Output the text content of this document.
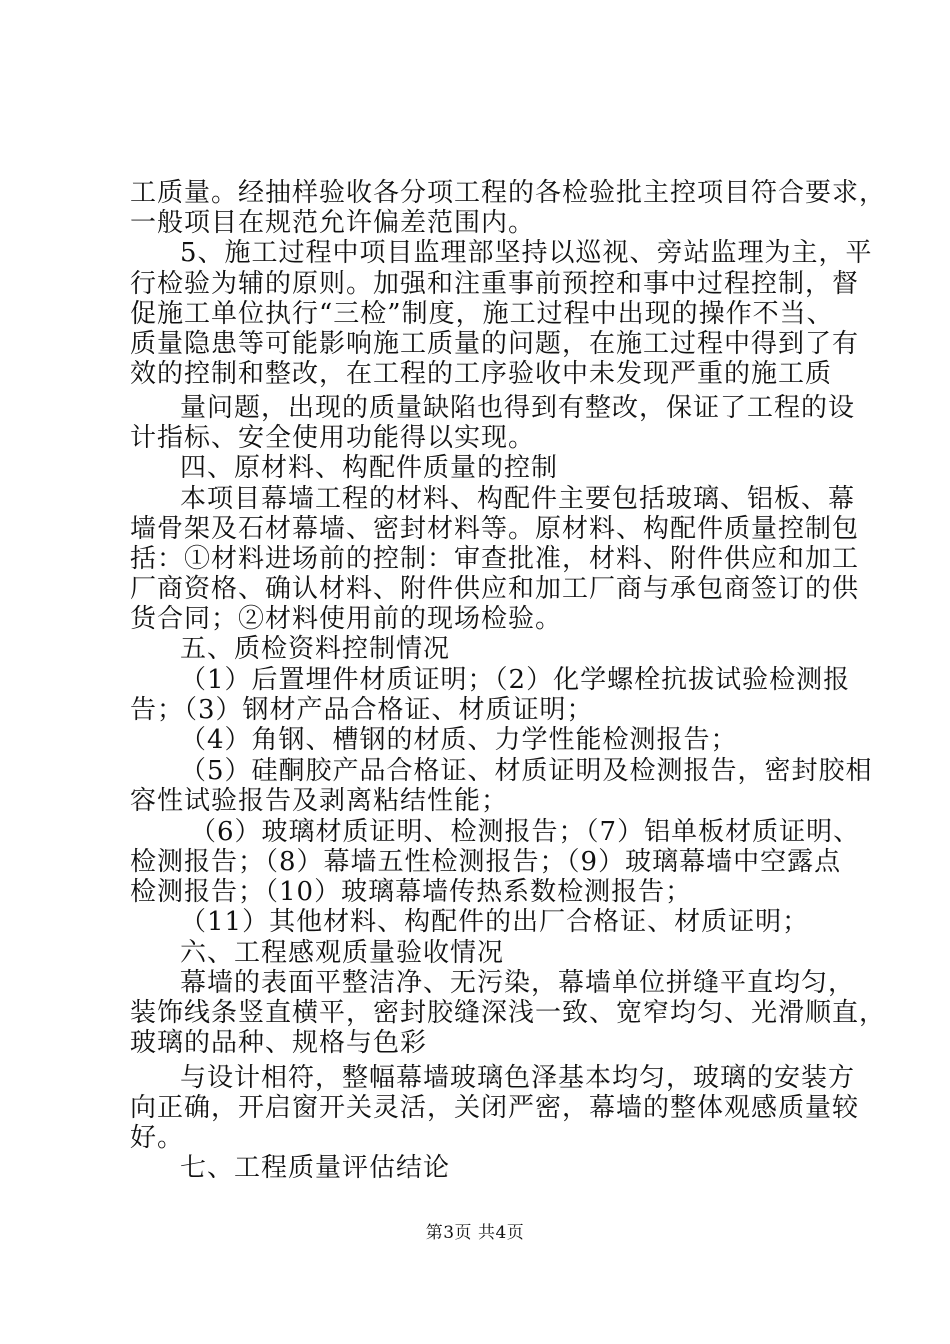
工质量。经抽样验收各分项工程的各检验批主控项目符合要求，
一般项目在规范允许偏差范围内。
5、施工过程中项目监理部坚持以巡视、旁站监理为主，平
行检验为辅的原则。加强和注重事前预控和事中过程控制，督
促施工单位执行“三检”制度，施工过程中出现的操作不当、
质量隐患等可能影响施工质量的问题，在施工过程中得到了有
效的控制和整改，在工程的工序验收中未发现严重的施工质
量问题，出现的质量缺陷也得到有整改，保证了工程的设
计指标、安全使用功能得以实现。
四、原材料、构配件质量的控制
本项目幕墙工程的材料、构配件主要包括玻璃、铝板、幕
墙骨架及石材幕墙、密封材料等。原材料、构配件质量控制包
括：①材料进场前的控制：审查批准，材料、附件供应和加工
厂商资格、确认材料、附件供应和加工厂商与承包商签订的供
货合同；②材料使用前的现场检验。
五、质检资料控制情况
（1）后置埋件材质证明；（2）化学螺栓抗拔试验检测报
告；（3）钢材产品合格证、材质证明；
（4）角钢、槽钢的材质、力学性能检测报告；
（5）硅酮胶产品合格证、材质证明及检测报告，密封胶相
容性试验报告及剥离粘结性能；
（6）玻璃材质证明、检测报告；（7）铝单板材质证明、
检测报告；（8）幕墙五性检测报告；（9）玻璃幕墙中空露点
检测报告；（10）玻璃幕墙传热系数检测报告；
（11）其他材料、构配件的出厂合格证、材质证明；
六、工程感观质量验收情况
幕墙的表面平整洁净、无污染，幕墙单位拼缝平直均匀，
装饰线条竖直横平，密封胶缝深浅一致、宽窄均匀、光滑顺直，
玻璃的品种、规格与色彩
与设计相符，整幅幕墙玻璃色泽基本均匀，玻璃的安装方
向正确，开启窗开关灵活，关闭严密，幕墙的整体观感质量较
好。
七、工程质量评估结论
第3页 共4页
